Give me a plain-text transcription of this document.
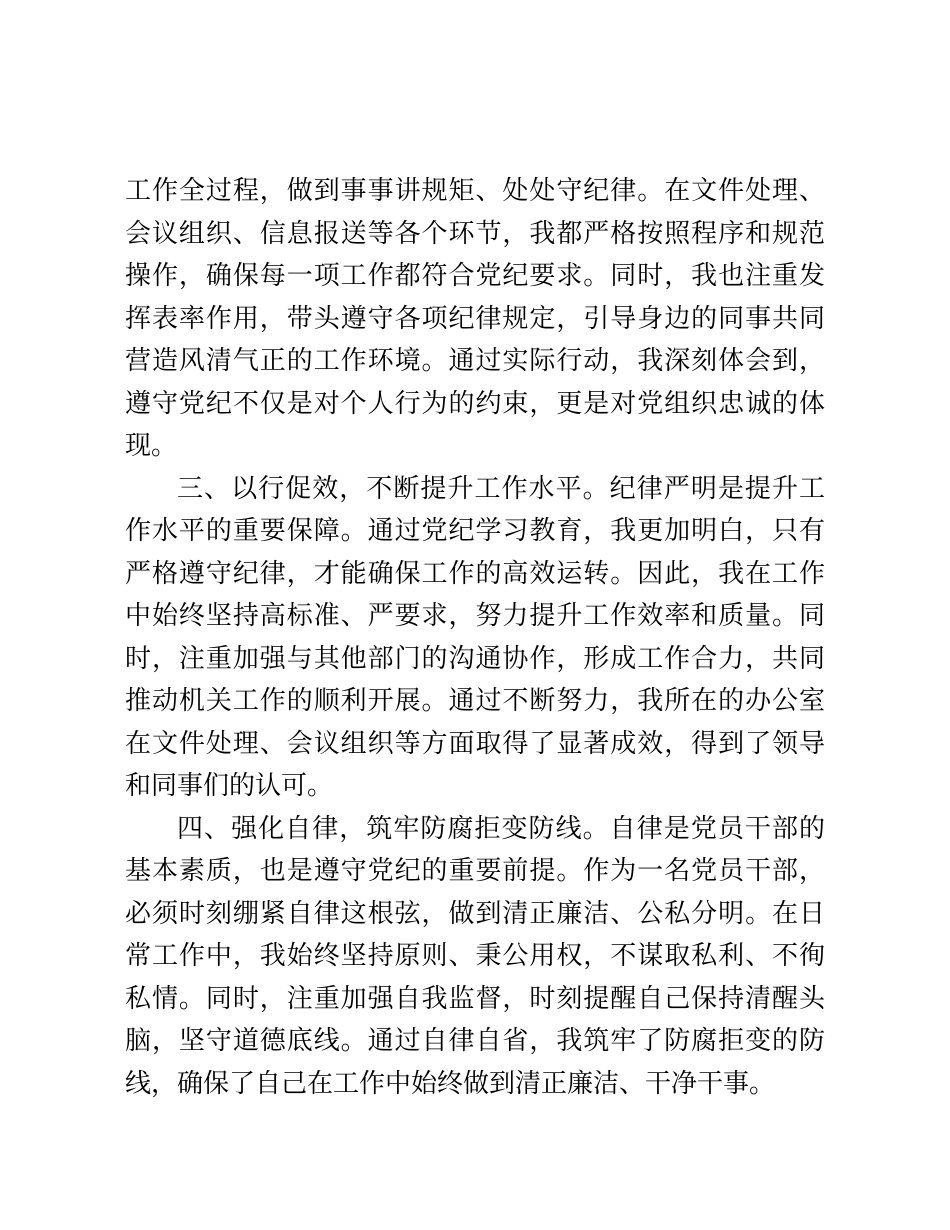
工作全过程，做到事事讲规矩、处处守纪律。在文件处理、会议组织、信息报送等各个环节，我都严格按照程序和规范操作，确保每一项工作都符合党纪要求。同时，我也注重发挥表率作用，带头遵守各项纪律规定，引导身边的同事共同营造风清气正的工作环境。通过实际行动，我深刻体会到，遵守党纪不仅是对个人行为的约束，更是对党组织忠诚的体现。

三、以行促效，不断提升工作水平。纪律严明是提升工作水平的重要保障。通过党纪学习教育，我更加明白，只有严格遵守纪律，才能确保工作的高效运转。因此，我在工作中始终坚持高标准、严要求，努力提升工作效率和质量。同时，注重加强与其他部门的沟通协作，形成工作合力，共同推动机关工作的顺利开展。通过不断努力，我所在的办公室在文件处理、会议组织等方面取得了显著成效，得到了领导和同事们的认可。

四、强化自律，筑牢防腐拒变防线。自律是党员干部的基本素质，也是遵守党纪的重要前提。作为一名党员干部，必须时刻绷紧自律这根弦，做到清正廉洁、公私分明。在日常工作中，我始终坚持原则、秉公用权，不谋取私利、不徇私情。同时，注重加强自我监督，时刻提醒自己保持清醒头脑，坚守道德底线。通过自律自省，我筑牢了防腐拒变的防线，确保了自己在工作中始终做到清正廉洁、干净干事。
